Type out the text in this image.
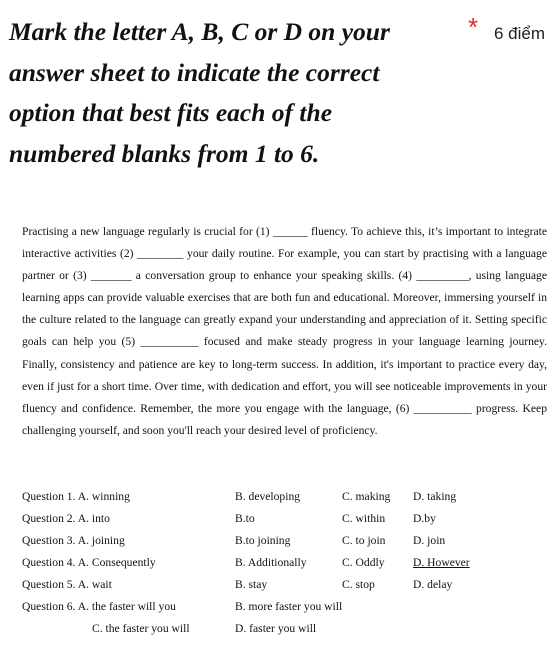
Mark the letter A, B, C or D on your answer sheet to indicate the correct option that best fits each of the numbered blanks from 1 to 6.
* 6 điểm
Practising a new language regularly is crucial for (1) ______ fluency. To achieve this, it’s important to integrate interactive activities (2) ________ your daily routine. For example, you can start by practising with a language partner or (3) _______ a conversation group to enhance your speaking skills. (4) _________, using language learning apps can provide valuable exercises that are both fun and educational. Moreover, immersing yourself in the culture related to the language can greatly expand your understanding and appreciation of it. Setting specific goals can help you (5) __________ focused and make steady progress in your language learning journey. Finally, consistency and patience are key to long-term success. In addition, it's important to practice every day, even if just for a short time. Over time, with dedication and effort, you will see noticeable improvements in your fluency and confidence. Remember, the more you engage with the language, (6) __________ progress. Keep challenging yourself, and soon you'll reach your desired level of proficiency.
Question 1. A. winning	B. developing	C. making D. taking
Question 2. A. into	B.to	C. within D.by
Question 3. A. joining	B.to joining	C. to join D. join
Question 4. A. Consequently	B. Additionally	C. Oddly D. However
Question 5. A. wait	B. stay	C. stop	D. delay
Question 6. A. the faster will you	B. more faster you will
C. the faster you will	D. faster you will
